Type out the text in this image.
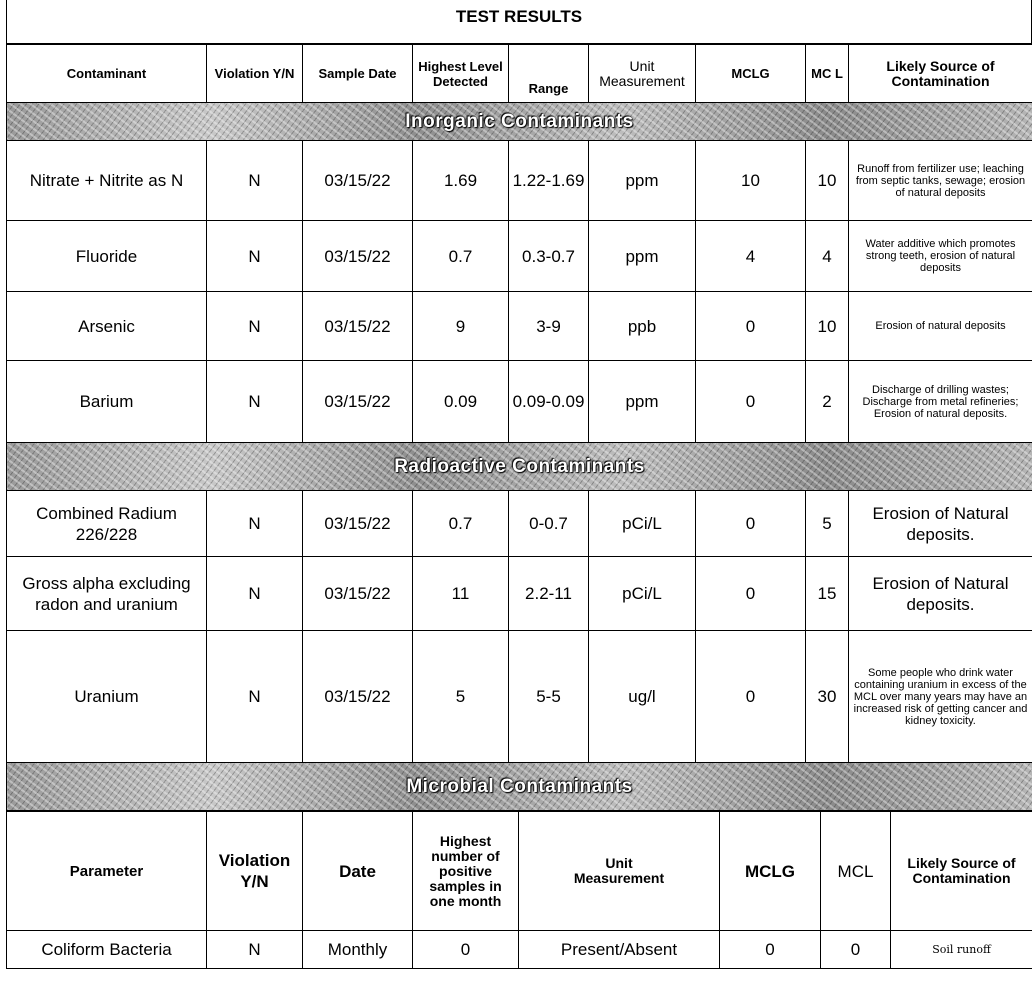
TEST RESULTS
Contaminant	Violation Y/N	Sample Date	Highest Level Detected	Range	Unit Measurement	MCLG	MC L	Likely Source of Contamination
Inorganic Contaminants								
Nitrate + Nitrite as N	N	03/15/22	1.69	1.22-1.69	ppm	10	10	Runoff from fertilizer use; leaching from septic tanks, sewage; erosion of natural deposits
Fluoride	N	03/15/22	0.7	0.3-0.7	ppm	4	4	Water additive which promotes strong teeth, erosion of natural deposits
Arsenic	N	03/15/22	9	3-9	ppb	0	10	Erosion of natural deposits
Barium	N	03/15/22	0.09	0.09-0.09	ppm	0	2	Discharge of drilling wastes; Discharge from metal refineries; Erosion of natural deposits.
Radioactive Contaminants								
Combined Radium 226/228	N	03/15/22	0.7	0-0.7	pCi/L	0	5	Erosion of Natural deposits.
Gross alpha excluding radon and uranium	N	03/15/22	11	2.2-11	pCi/L	0	15	Erosion of Natural deposits.
Uranium	N	03/15/22	5	5-5	ug/l	0	30	Some people who drink water containing uranium in excess of the MCL over many years may have an increased risk of getting cancer and kidney toxicity.
Microbial Contaminants								
Parameter	Violation Y/N	Date	Highest number of positive samples in one month	Unit Measurement	MCLG	MCL	Likely Source of Contamination
Coliform Bacteria	N	Monthly	0	Present/Absent	0	0	Soil runoff
